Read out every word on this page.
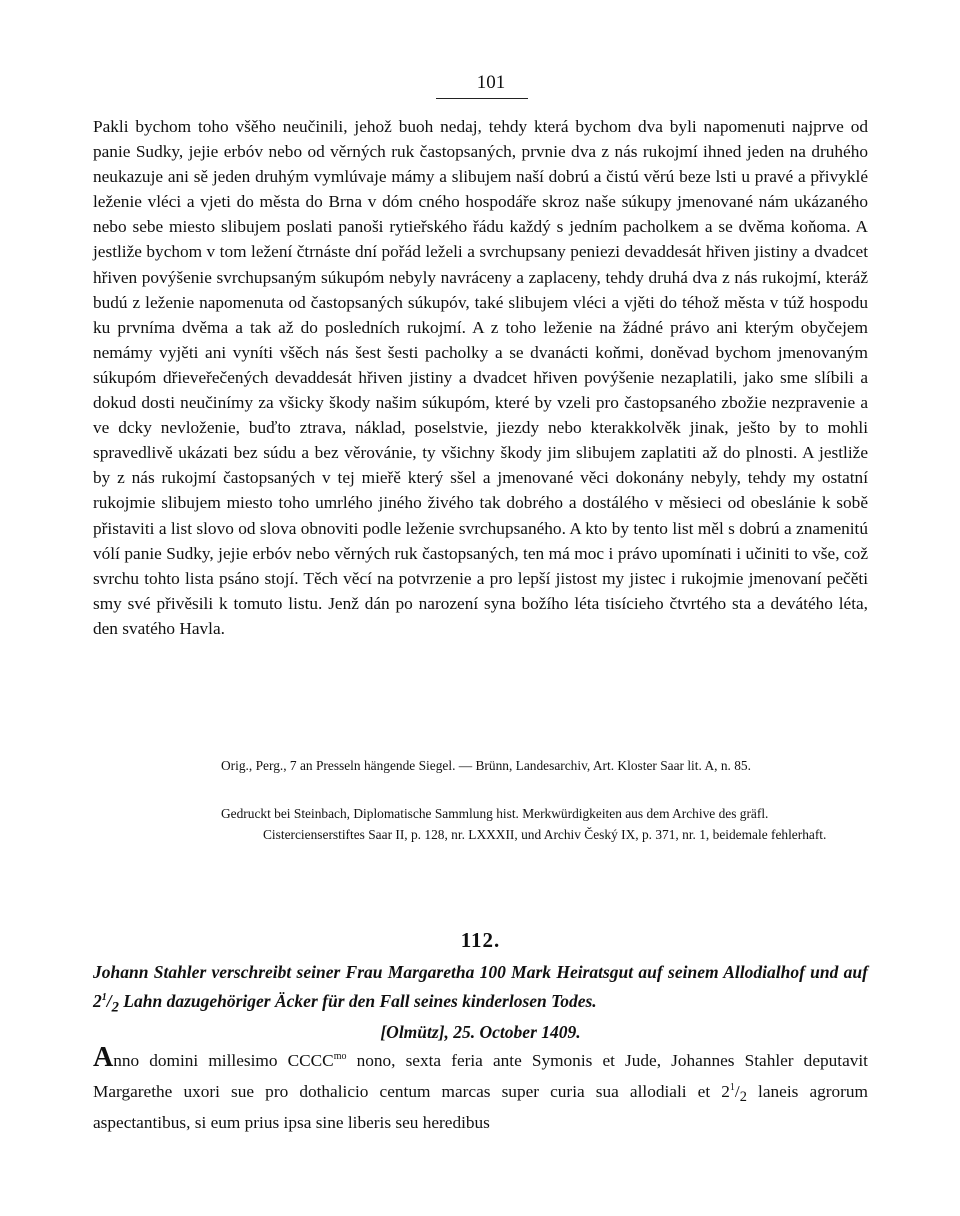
101
Pakli bychom toho všěho neučinili, jehož buoh nedaj, tehdy která bychom dva byli napomenuti najprve od panie Sudky, jejie erbóv nebo od věrných ruk častopsaných, prvnie dva z nás rukojmí ihned jeden na druhého neukazuje ani sě jeden druhým vymlúvaje mámy a slibujem naší dobrú a čistú věrú beze lsti u pravé a přivyklé leženie vléci a vjeti do města do Brna v dóm cného hospodáře skroz naše súkupy jmenované nám ukázaného nebo sebe miesto slibujem poslati panoši rytieřského řádu každý s jedním pacholkem a se dvěma koňoma. A jestliže bychom v tom ležení čtrnáste dní pořád leželi a svrchupsany peniezi devaddesát hřiven jistiny a dvadcet hřiven povýšenie svrchupsaným súkupóm nebyly navráceny a zaplaceny, tehdy druhá dva z nás rukojmí, kteráž budú z leženie napomenuta od častopsaných súkupóv, také slibujem vléci a vjěti do téhož města v túž hospodu ku prvníma dvěma a tak až do posledních rukojmí. A z toho leženie na žádné právo ani kterým obyčejem nemámy vyjěti ani vyníti všěch nás šest šesti pacholky a se dvanácti koňmi, doněvad bychom jmenovaným súkupóm dřieveřečených devaddesát hřiven jistiny a dvadcet hřiven povýšenie nezaplatili, jako sme slíbili a dokud dosti neučinímy za všicky škody našim súkupóm, které by vzeli pro častopsaného zbožie nezpravenie a ve dcky nevloženie, buďto ztrava, náklad, poselstvie, jiezdy nebo kterakkolvěk jinak, ješto by to mohli spravedlivě ukázati bez súdu a bez věrovánie, ty všichny škody jim slibujem zaplatiti až do plnosti. A jestliže by z nás rukojmí častopsaných v tej mieřě který sšel a jmenované věci dokonány nebyly, tehdy my ostatní rukojmie slibujem miesto toho umrlého jiného živého tak dobrého a dostálého v měsieci od obeslánie k sobě přistaviti a list slovo od slova obnoviti podle leženie svrchupsaného. A kto by tento list měl s dobrú a znamenitú vólí panie Sudky, jejie erbóv nebo věrných ruk častopsaných, ten má moc i právo upomínati i učiniti to vše, což svrchu tohto lista psáno stojí. Těch věcí na potvrzenie a pro lepší jistost my jistec i rukojmie jmenovaní pečěti smy své přivěsili k tomuto listu. Jenž dán po narození syna božího léta tisícieho čtvrtého sta a devátého léta, den svatého Havla.

Orig., Perg., 7 an Presseln hängende Siegel. — Brünn, Landesarchiv, Art. Kloster Saar lit. A, n. 85.

Gedruckt bei Steinbach, Diplomatische Sammlung hist. Merkwürdigkeiten aus dem Archive des gräfl. Cistercienserstiftes Saar II, p. 128, nr. LXXXII, und Archiv Český IX, p. 371, nr. 1, beidemale fehlerhaft.

112.
Johann Stahler verschreibt seiner Frau Margaretha 100 Mark Heiratsgut auf seinem Allodialhof und auf $2^1/_2$ Lahn dazugehöriger Äcker für den Fall seines kinderlosen Todes.
[Olmütz], 25. October 1409.
Anno domini millesimo $CCCC^{mo}$ nono, sexta feria ante Symonis et Jude, Johannes Stahler deputavit Margarethe uxori sue pro dothalicio centum marcas super curia sua allodiali et $2^1/_2$ laneis agrorum aspectantibus, si eum prius ipsa sine liberis seu heredibus
